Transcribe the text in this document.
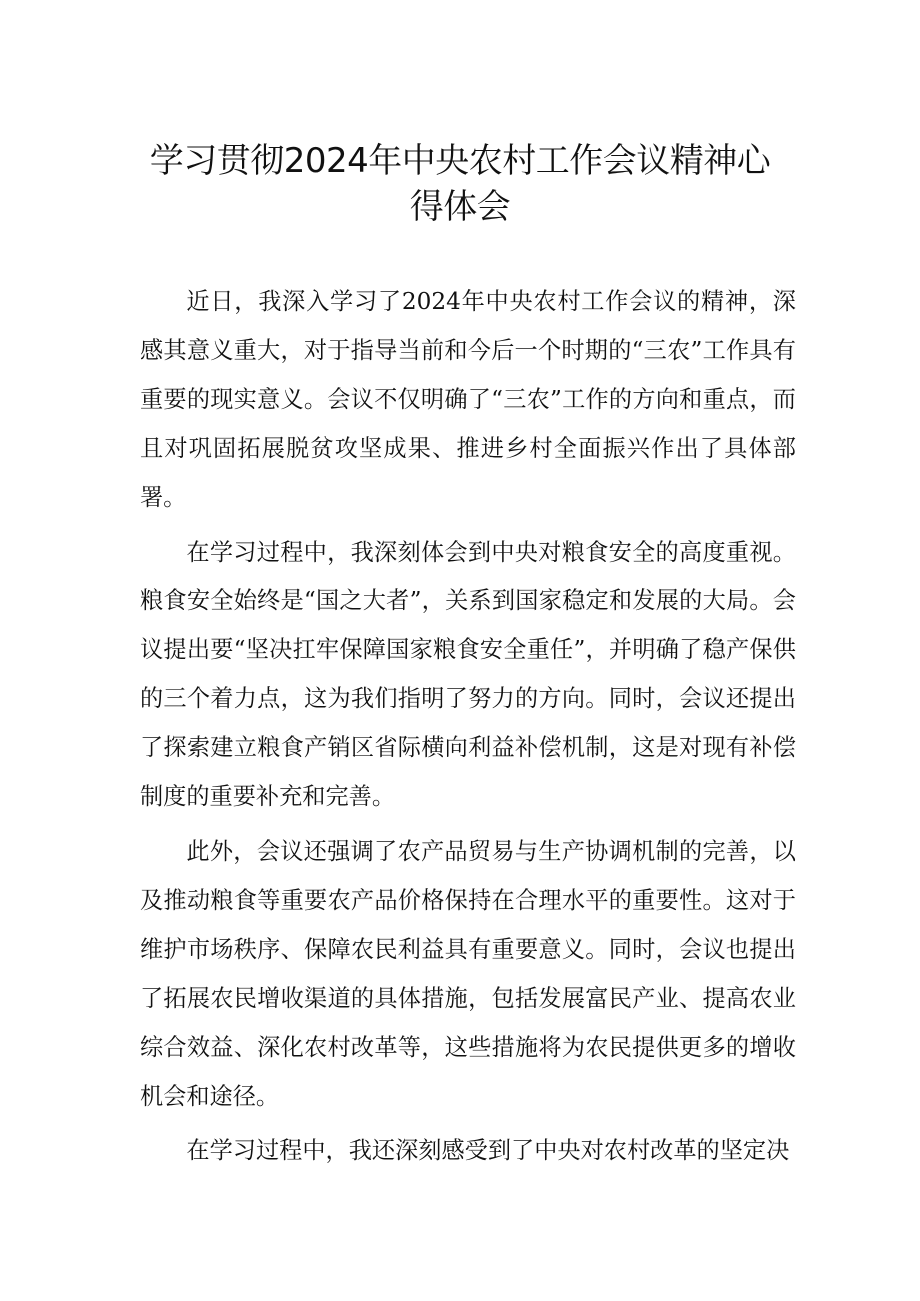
学习贯彻2024年中央农村工作会议精神心
得体会

近日，我深入学习了2024年中央农村工作会议的精神，深感其意义重大，对于指导当前和今后一个时期的“三农”工作具有重要的现实意义。会议不仅明确了“三农”工作的方向和重点，而且对巩固拓展脱贫攻坚成果、推进乡村全面振兴作出了具体部署。

在学习过程中，我深刻体会到中央对粮食安全的高度重视。粮食安全始终是“国之大者”，关系到国家稳定和发展的大局。会议提出要“坚决扛牢保障国家粮食安全重任”，并明确了稳产保供的三个着力点，这为我们指明了努力的方向。同时，会议还提出了探索建立粮食产销区省际横向利益补偿机制，这是对现有补偿制度的重要补充和完善。

此外，会议还强调了农产品贸易与生产协调机制的完善，以及推动粮食等重要农产品价格保持在合理水平的重要性。这对于维护市场秩序、保障农民利益具有重要意义。同时，会议也提出了拓展农民增收渠道的具体措施，包括发展富民产业、提高农业综合效益、深化农村改革等，这些措施将为农民提供更多的增收机会和途径。

在学习过程中，我还深刻感受到了中央对农村改革的坚定决
